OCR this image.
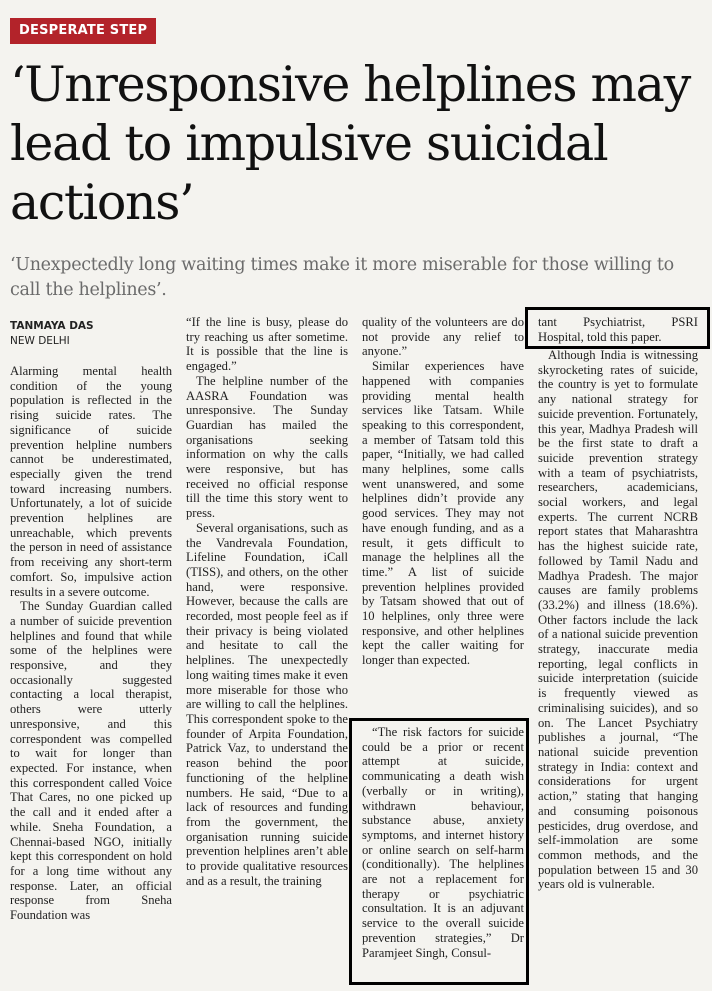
DESPERATE STEP
‘Unresponsive helplines may lead to impulsive suicidal actions’
‘Unexpectedly long waiting times make it more miserable for those willing to call the helplines’.
TANMAYA DAS
NEW DELHI

Alarming mental health condition of the young population is reflected in the rising suicide rates. The significance of suicide prevention helpline numbers cannot be underestimated, especially given the trend toward increasing numbers. Unfortunately, a lot of suicide prevention helplines are unreachable, which prevents the person in need of assistance from receiving any short-term comfort. So, impulsive action results in a severe outcome.

The Sunday Guardian called a number of suicide prevention helplines and found that while some of the helplines were responsive, and they occasionally suggested contacting a local therapist, others were utterly unresponsive, and this correspondent was compelled to wait for longer than expected. For instance, when this correspondent called Voice That Cares, no one picked up the call and it ended after a while. Sneha Foundation, a Chennai-based NGO, initially kept this correspondent on hold for a long time without any response. Later, an official response from Sneha Foundation was

“If the line is busy, please do try reaching us after sometime. It is possible that the line is engaged.”

The helpline number of the AASRA Foundation was unresponsive. The Sunday Guardian has mailed the organisations seeking information on why the calls were responsive, but has received no official response till the time this story went to press.

Several organisations, such as the Vandrevala Foundation, Lifeline Foundation, iCall (TISS), and others, on the other hand, were responsive. However, because the calls are recorded, most people feel as if their privacy is being violated and hesitate to call the helplines. The unexpectedly long waiting times make it even more miserable for those who are willing to call the helplines. This correspondent spoke to the founder of Arpita Foundation, Patrick Vaz, to understand the reason behind the poor functioning of the helpline numbers. He said, “Due to a lack of resources and funding from the government, the organisation running suicide prevention helplines aren’t able to provide qualitative resources and as a result, the training

quality of the volunteers are do not provide any relief to anyone.”

Similar experiences have happened with companies providing mental health services like Tatsam. While speaking to this correspondent, a member of Tatsam told this paper, “Initially, we had called many helplines, some calls went unanswered, and some helplines didn’t provide any good services. They may not have enough funding, and as a result, it gets difficult to manage the helplines all the time.” A list of suicide prevention helplines provided by Tatsam showed that out of 10 helplines, only three were responsive, and other helplines kept the caller waiting for longer than expected.

“The risk factors for suicide could be a prior or recent attempt at suicide, communicating a death wish (verbally or in writing), withdrawn behaviour, substance abuse, anxiety symptoms, and internet history or online search on self-harm (conditionally). The helplines are not a replacement for therapy or psychiatric consultation. It is an adjuvant service to the overall suicide prevention strategies,” Dr Paramjeet Singh, Consul-

tant Psychiatrist, PSRI Hospital, told this paper.

Although India is witnessing skyrocketing rates of suicide, the country is yet to formulate any national strategy for suicide prevention. Fortunately, this year, Madhya Pradesh will be the first state to draft a suicide prevention strategy with a team of psychiatrists, researchers, academicians, social workers, and legal experts. The current NCRB report states that Maharashtra has the highest suicide rate, followed by Tamil Nadu and Madhya Pradesh. The major causes are family problems (33.2%) and illness (18.6%). Other factors include the lack of a national suicide prevention strategy, inaccurate media reporting, legal conflicts in suicide interpretation (suicide is frequently viewed as criminalising suicides), and so on. The Lancet Psychiatry publishes a journal, “The national suicide prevention strategy in India: context and considerations for urgent action,” stating that hanging and consuming poisonous pesticides, drug overdose, and self-immolation are some common methods, and the population between 15 and 30 years old is vulnerable.
